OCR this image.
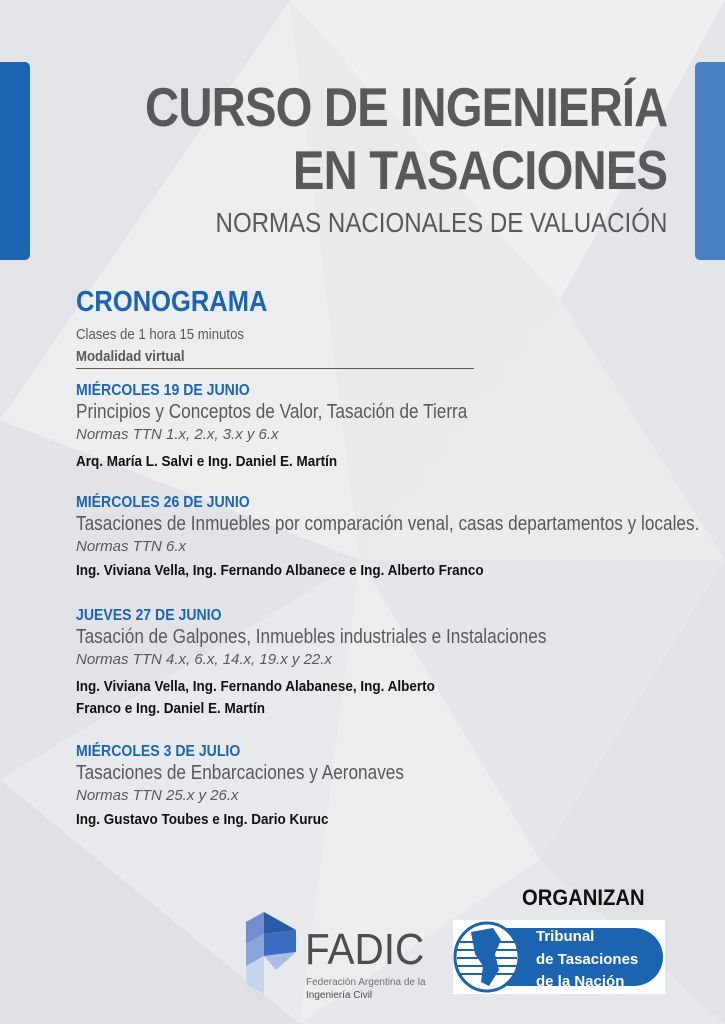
CURSO DE INGENIERÍA
EN TASACIONES
NORMAS NACIONALES DE VALUACIÓN
CRONOGRAMA
Clases de 1 hora 15 minutos
Modalidad virtual
MIÉRCOLES 19 DE JUNIO
Principios y Conceptos de Valor, Tasación de Tierra
Normas TTN 1.x, 2.x, 3.x y 6.x
Arq. María L. Salvi e Ing. Daniel E. Martín
MIÉRCOLES 26 DE JUNIO
Tasaciones de Inmuebles por comparación venal, casas departamentos y locales.
Normas TTN 6.x
Ing. Viviana Vella, Ing. Fernando Albanece e Ing. Alberto Franco
JUEVES 27 DE JUNIO
Tasación de Galpones, Inmuebles industriales e Instalaciones
Normas TTN 4.x, 6.x, 14.x, 19.x y 22.x
Ing. Viviana Vella, Ing. Fernando Alabanese, Ing. Alberto
Franco e Ing. Daniel E. Martín
MIÉRCOLES 3 DE JULIO
Tasaciones de Enbarcaciones y Aeronaves
Normas TTN 25.x y 26.x
Ing. Gustavo Toubes e Ing. Dario Kuruc
ORGANIZAN
FADIC
Federación Argentina de la
Ingeniería Civil
Tribunal
de Tasaciones
de la Nación
